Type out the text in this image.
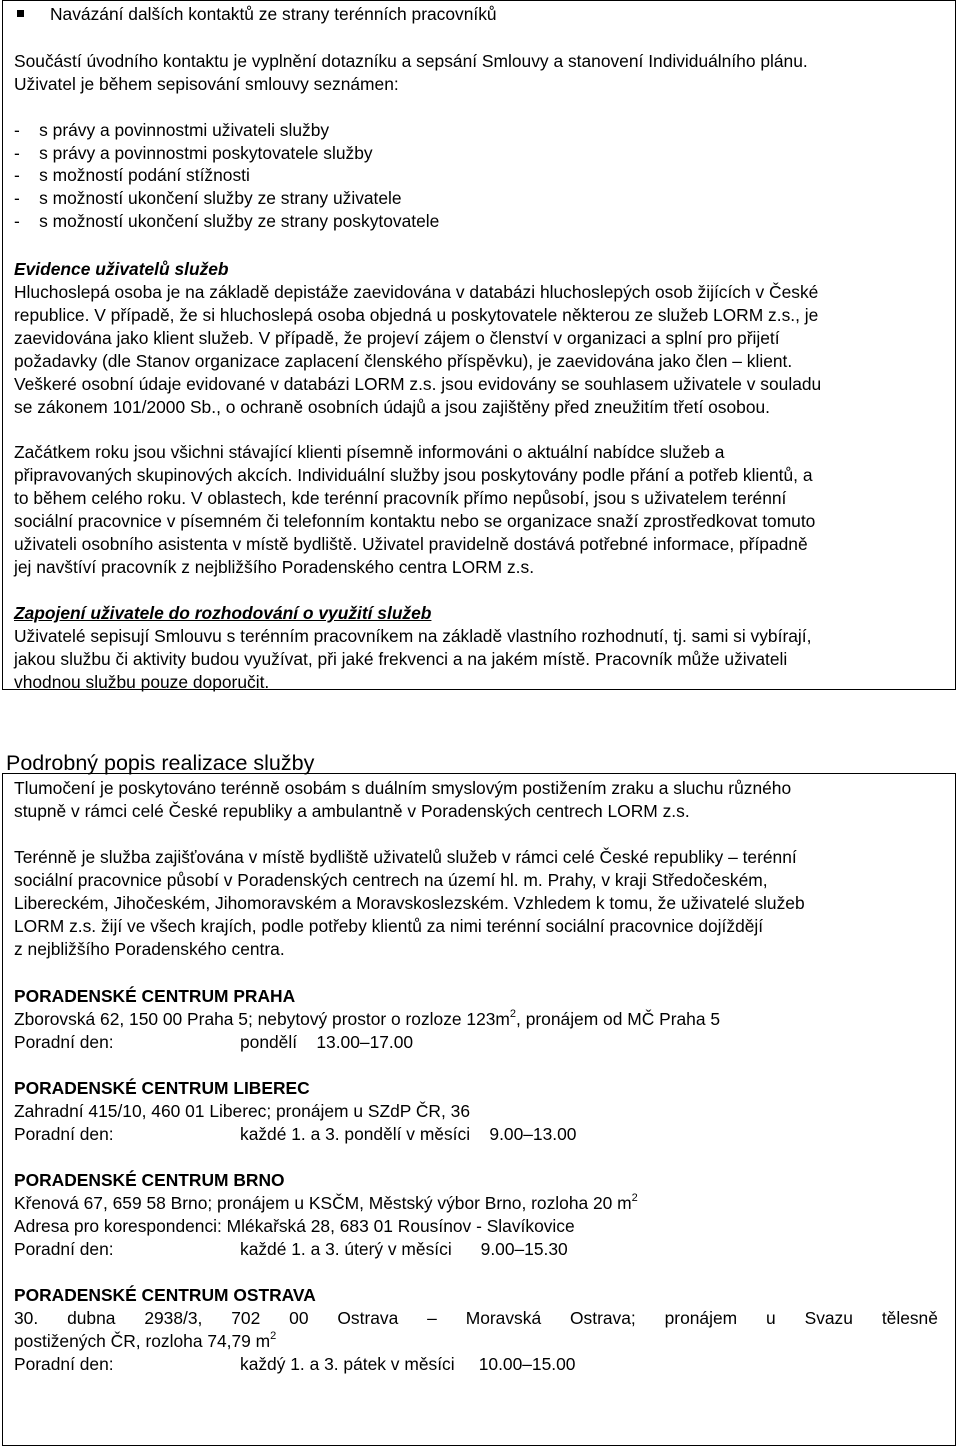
Navázání dalších kontaktů ze strany terénních pracovníků
Součástí úvodního kontaktu je vyplnění dotazníku a sepsání Smlouvy a stanovení Individuálního plánu.
Uživatel je během sepisování smlouvy seznámen:
-    s právy a povinnostmi uživateli služby
-    s právy a povinnostmi poskytovatele služby
-    s možností podání stížnosti
-    s možností ukončení služby ze strany uživatele
-    s možností ukončení služby ze strany poskytovatele
Evidence uživatelů služeb
Hluchoslepá osoba je na základě depistáže zaevidována v databázi hluchoslepých osob žijících v České
republice. V případě, že si hluchoslepá osoba objedná u poskytovatele některou ze služeb LORM z.s., je
zaevidována jako klient služeb. V případě, že projeví zájem o členství v organizaci a splní pro přijetí
požadavky (dle Stanov organizace zaplacení členského příspěvku), je zaevidována jako člen – klient.
Veškeré osobní údaje evidované v databázi LORM z.s. jsou evidovány se souhlasem uživatele v souladu
se zákonem 101/2000 Sb., o ochraně osobních údajů a jsou zajištěny před zneužitím třetí osobou.
Začátkem roku jsou všichni stávající klienti písemně informováni o aktuální nabídce služeb a
připravovaných skupinových akcích. Individuální služby jsou poskytovány podle přání a potřeb klientů, a
to během celého roku. V oblastech, kde terénní pracovník přímo nepůsobí, jsou s uživatelem terénní
sociální pracovnice v písemném či telefonním kontaktu nebo se organizace snaží zprostředkovat tomuto
uživateli osobního asistenta v místě bydliště. Uživatel pravidelně dostává potřebné informace, případně
jej navštíví pracovník z nejbližšího Poradenského centra LORM z.s.
Zapojení uživatele do rozhodování o využití služeb
Uživatelé sepisují Smlouvu s terénním pracovníkem na základě vlastního rozhodnutí, tj. sami si vybírají,
jakou službu či aktivity budou využívat, při jaké frekvenci a na jakém místě. Pracovník může uživateli
vhodnou službu pouze doporučit.
Podrobný popis realizace služby
Tlumočení je poskytováno terénně osobám s duálním smyslovým postižením zraku a sluchu různého
stupně v rámci celé České republiky a ambulantně v Poradenských centrech LORM z.s.
Terénně je služba zajišťována v místě bydliště uživatelů služeb v rámci celé České republiky – terénní
sociální pracovnice působí v Poradenských centrech na území hl. m. Prahy, v kraji Středočeském,
Libereckém, Jihočeském, Jihomoravském a Moravskoslezském. Vzhledem k tomu, že uživatelé služeb
LORM z.s. žijí ve všech krajích, podle potřeby klientů za nimi terénní sociální pracovnice dojíždějí
z nejbližšího Poradenského centra.
PORADENSKÉ CENTRUM PRAHA
Zborovská 62, 150 00 Praha 5; nebytový prostor o rozloze $123m^2$, pronájem od MČ Praha 5
Poradní den:	pondělí    13.00–17.00
PORADENSKÉ CENTRUM LIBEREC
Zahradní 415/10, 460 01 Liberec; pronájem u SZdP ČR, 36
Poradní den:	každé 1. a 3. pondělí v měsíci    9.00–13.00
PORADENSKÉ CENTRUM BRNO
Křenová 67, 659 58 Brno; pronájem u KSČM, Městský výbor Brno, rozloha 20 $m^2$
Adresa pro korespondenci: Mlékařská 28, 683 01 Rousínov - Slavíkovice
Poradní den:	každé 1. a 3. úterý v měsíci      9.00–15.30
PORADENSKÉ CENTRUM OSTRAVA
30. dubna 2938/3, 702 00 Ostrava – Moravská Ostrava; pronájem u Svazu tělesně
postižených ČR, rozloha 74,79 $m^2$
Poradní den:	každý 1. a 3. pátek v měsíci     10.00–15.00
